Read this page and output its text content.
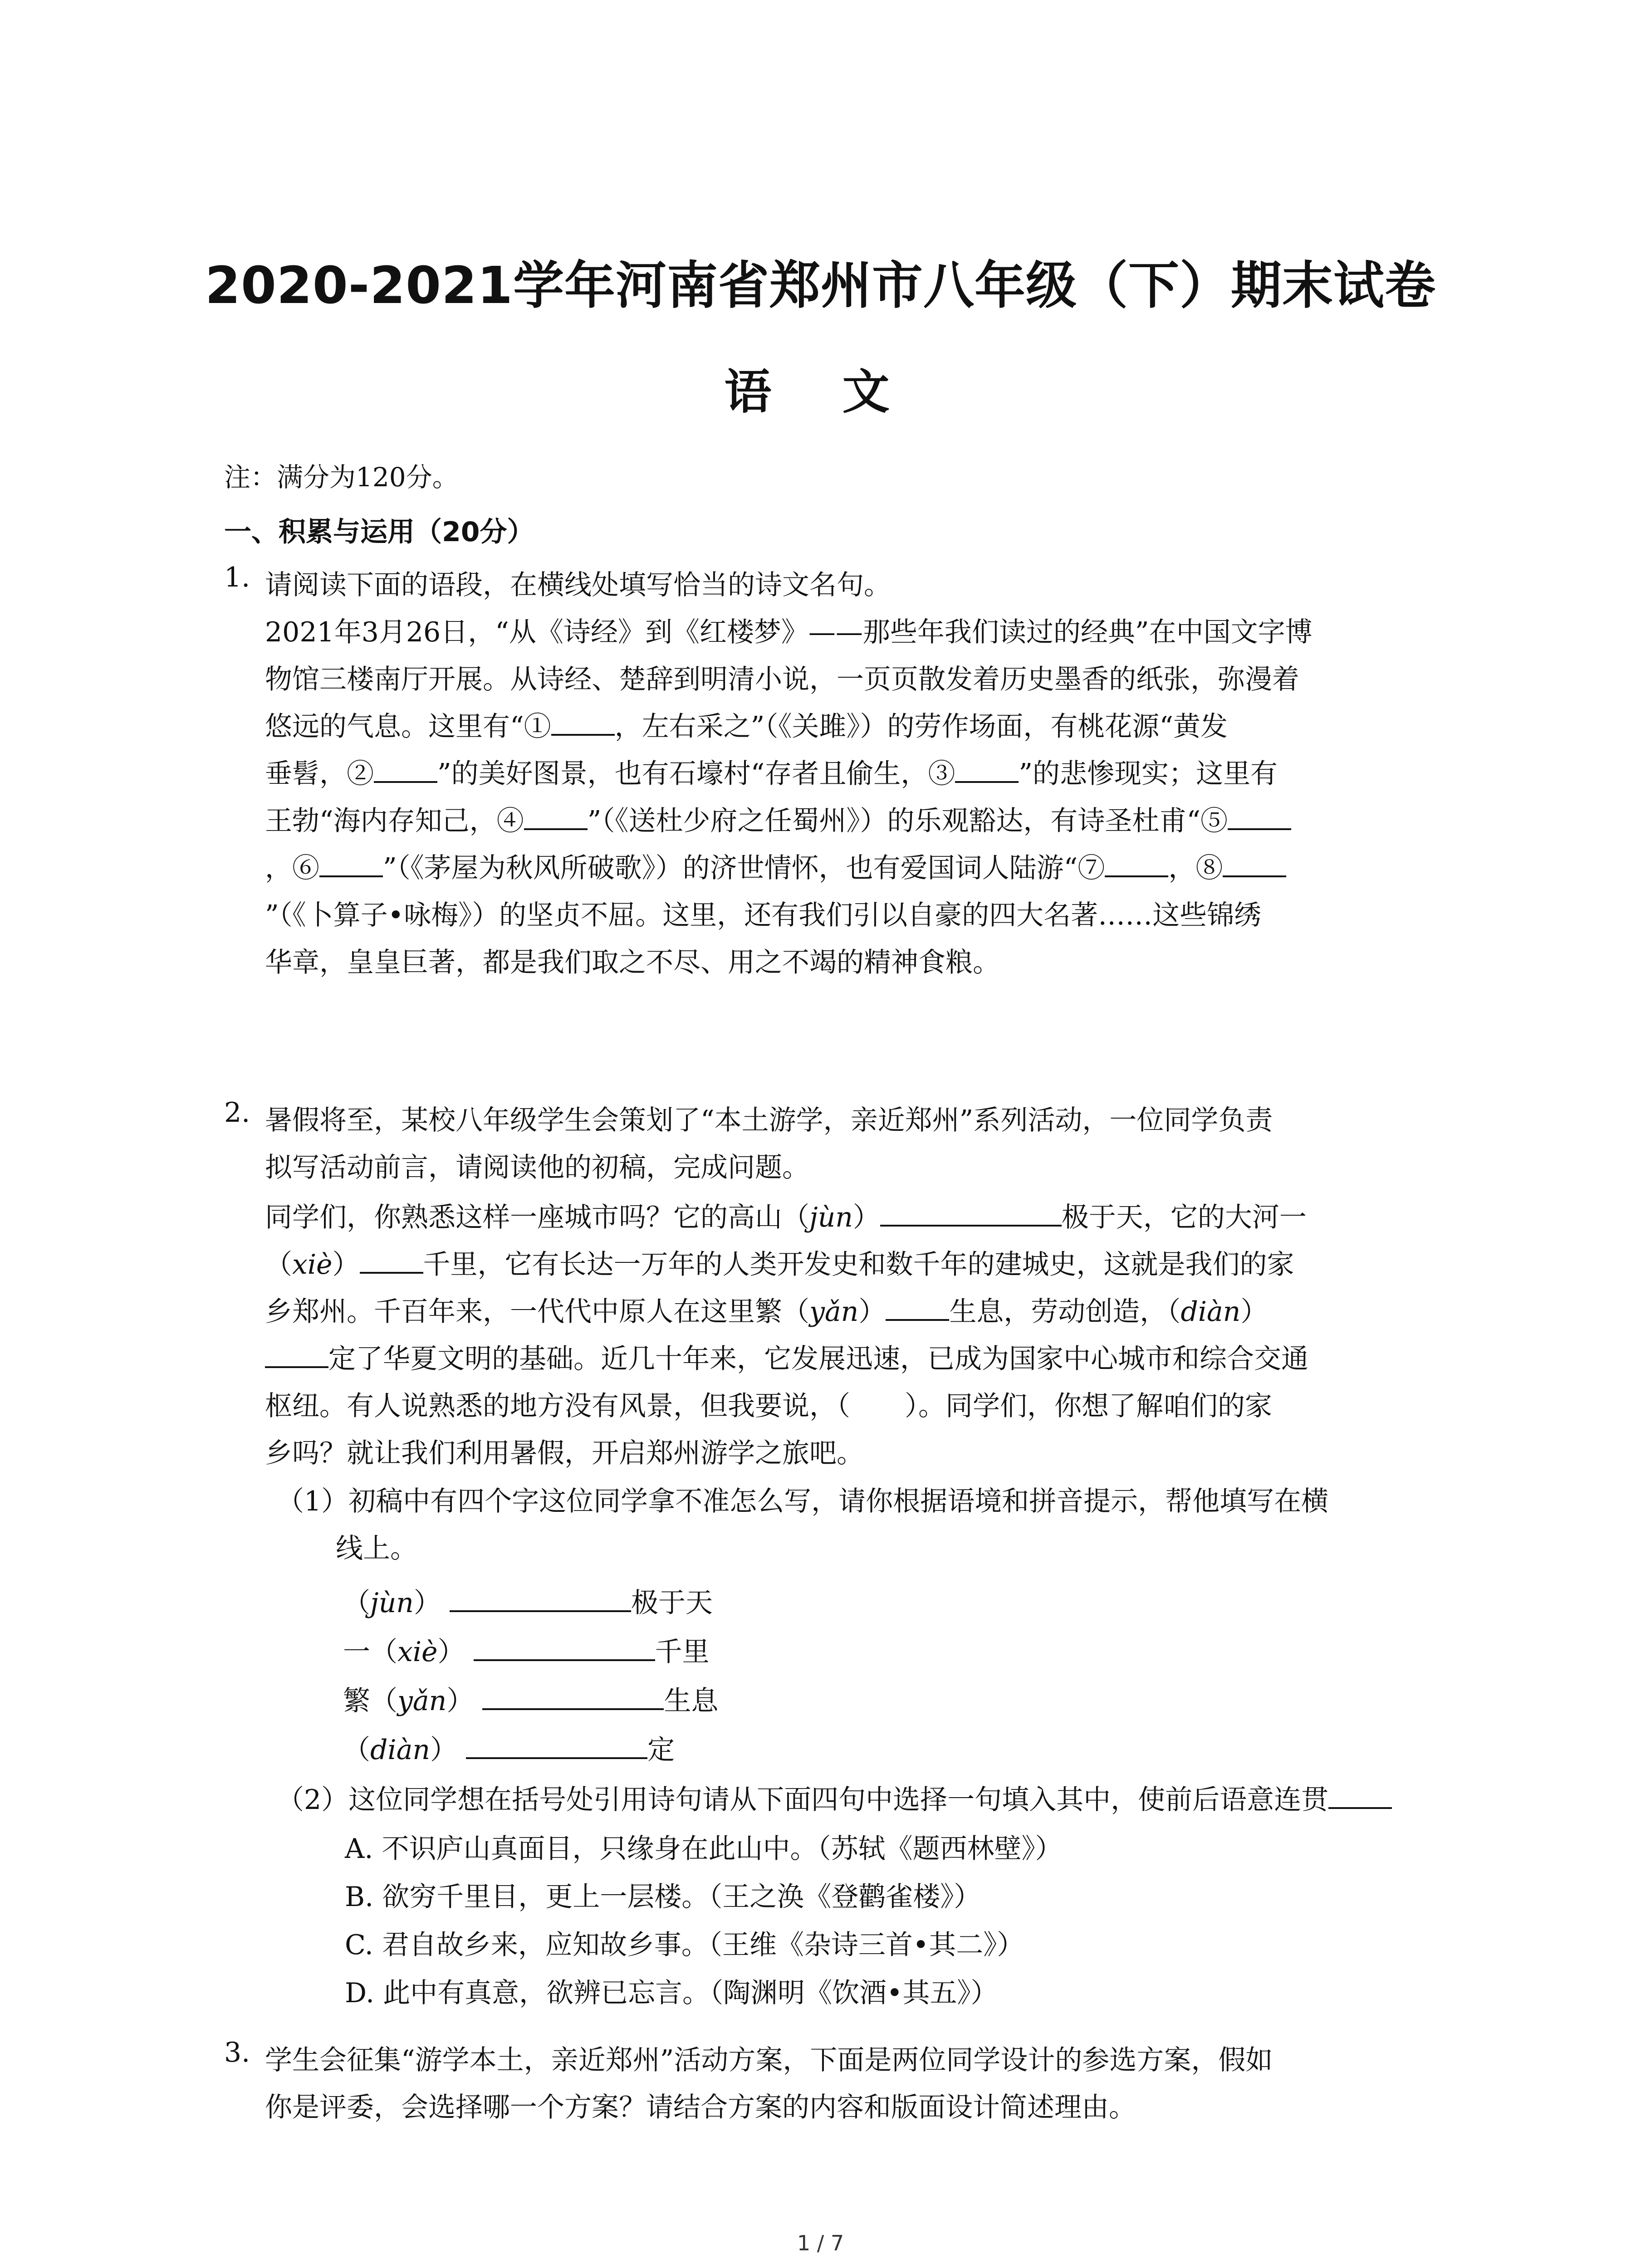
2020-2021学年河南省郑州市八年级（下）期末试卷
语 文
注：满分为120分。
一、积累与运用（20分）
1. 请阅读下面的语段，在横线处填写恰当的诗文名句。
2021年3月26日，“从《诗经》到《红楼梦》——那些年我们读过的经典”在中国文字博
物馆三楼南厅开展。从诗经、楚辞到明清小说，一页页散发着历史墨香的纸张，弥漫着
悠远的气息。这里有“① ，左右采之”（《关雎》）的劳作场面，有桃花源“黄发
垂髫，② ”的美好图景，也有石壕村“存者且偷生，③ ”的悲惨现实；这里有
王勃“海内存知己，④ ”（《送杜少府之任蜀州》）的乐观豁达，有诗圣杜甫“⑤
，⑥ ”（《茅屋为秋风所破歌》）的济世情怀，也有爱国词人陆游“⑦ ，⑧
”（《卜算子•咏梅》）的坚贞不屈。这里，还有我们引以自豪的四大名著……这些锦绣
华章，皇皇巨著，都是我们取之不尽、用之不竭的精神食粮。
2. 暑假将至，某校八年级学生会策划了“本土游学，亲近郑州”系列活动，一位同学负责
拟写活动前言，请阅读他的初稿，完成问题。
同学们，你熟悉这样一座城市吗？它的高山（jùn）	极于天，它的大河一
（xiè） 千里，它有长达一万年的人类开发史和数千年的建城史，这就是我们的家
乡郑州。千百年来，一代代中原人在这里繁（yǎn） 生息，劳动创造，（diàn）
定了华夏文明的基础。近几十年来，它发展迅速，已成为国家中心城市和综合交通
枢纽。有人说熟悉的地方没有风景，但我要说，（　　）。同学们，你想了解咱们的家
乡吗？就让我们利用暑假，开启郑州游学之旅吧。
（1）初稿中有四个字这位同学拿不准怎么写，请你根据语境和拼音提示，帮他填写在横
线上。
（jùn）	极于天
一（xiè）	千里
繁（yǎn）	生息
（diàn）	定
（2）这位同学想在括号处引用诗句请从下面四句中选择一句填入其中，使前后语意连贯
A. 不识庐山真面目，只缘身在此山中。（苏轼《题西林壁》）
B. 欲穷千里目，更上一层楼。（王之涣《登鹳雀楼》）
C. 君自故乡来，应知故乡事。（王维《杂诗三首•其二》）
D. 此中有真意，欲辨已忘言。（陶渊明《饮酒•其五》）
3. 学生会征集“游学本土，亲近郑州”活动方案，下面是两位同学设计的参选方案，假如
你是评委，会选择哪一个方案？请结合方案的内容和版面设计简述理由。
1 / 7
